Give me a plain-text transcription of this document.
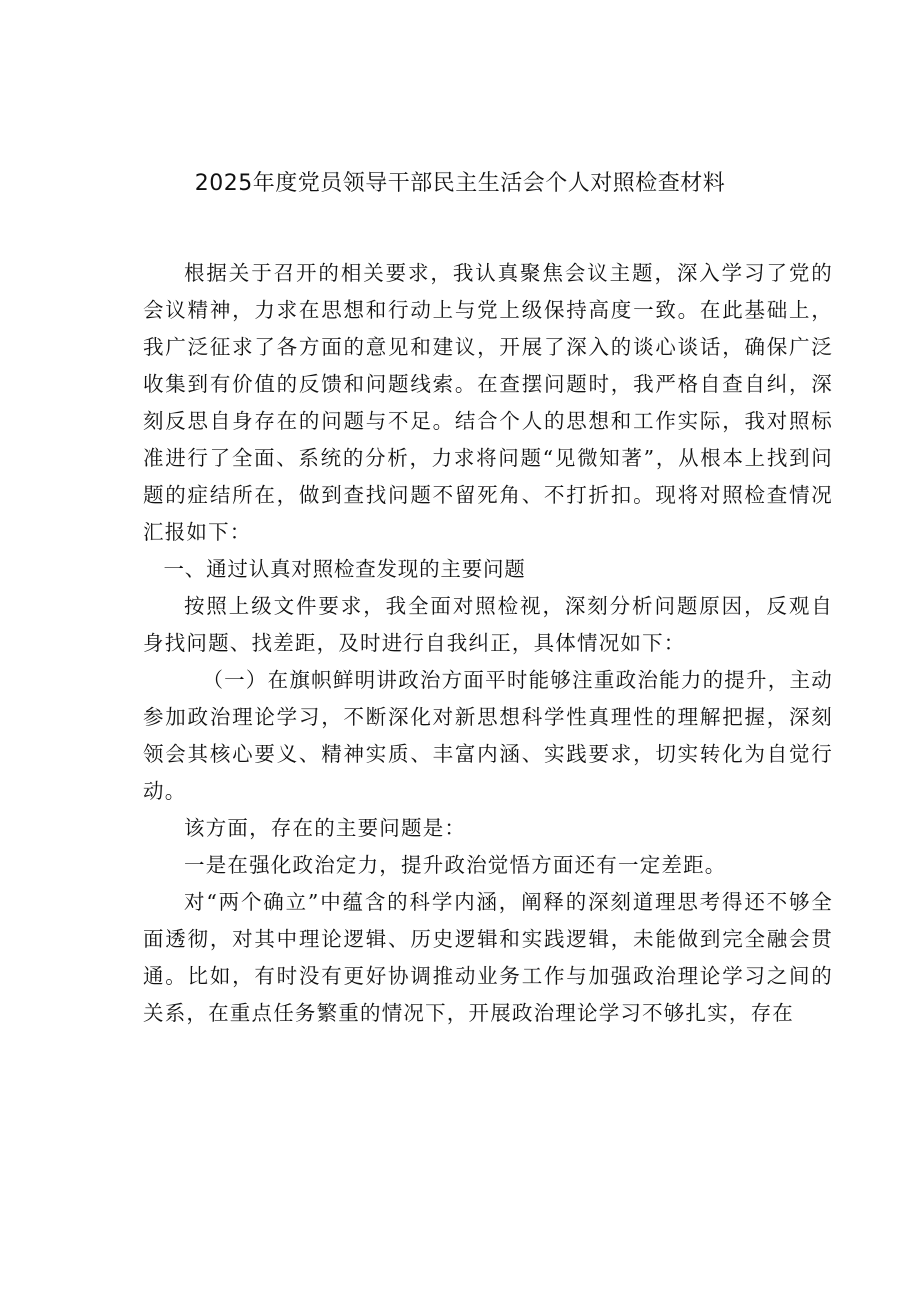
2025年度党员领导干部民主生活会个人对照检查材料

根据关于召开的相关要求，我认真聚焦会议主题，深入学习了党的会议精神，力求在思想和行动上与党上级保持高度一致。在此基础上，我广泛征求了各方面的意见和建议，开展了深入的谈心谈话，确保广泛收集到有价值的反馈和问题线索。在查摆问题时，我严格自查自纠，深刻反思自身存在的问题与不足。结合个人的思想和工作实际，我对照标准进行了全面、系统的分析，力求将问题“见微知著”，从根本上找到问题的症结所在，做到查找问题不留死角、不打折扣。现将对照检查情况汇报如下：

一、通过认真对照检查发现的主要问题

按照上级文件要求，我全面对照检视，深刻分析问题原因，反观自身找问题、找差距，及时进行自我纠正，具体情况如下：

（一）在旗帜鲜明讲政治方面平时能够注重政治能力的提升，主动参加政治理论学习，不断深化对新思想科学性真理性的理解把握，深刻领会其核心要义、精神实质、丰富内涵、实践要求，切实转化为自觉行动。

该方面，存在的主要问题是：

一是在强化政治定力，提升政治觉悟方面还有一定差距。

对“两个确立”中蕴含的科学内涵，阐释的深刻道理思考得还不够全面透彻，对其中理论逻辑、历史逻辑和实践逻辑，未能做到完全融会贯通。比如，有时没有更好协调推动业务工作与加强政治理论学习之间的关系，在重点任务繁重的情况下，开展政治理论学习不够扎实，存在
